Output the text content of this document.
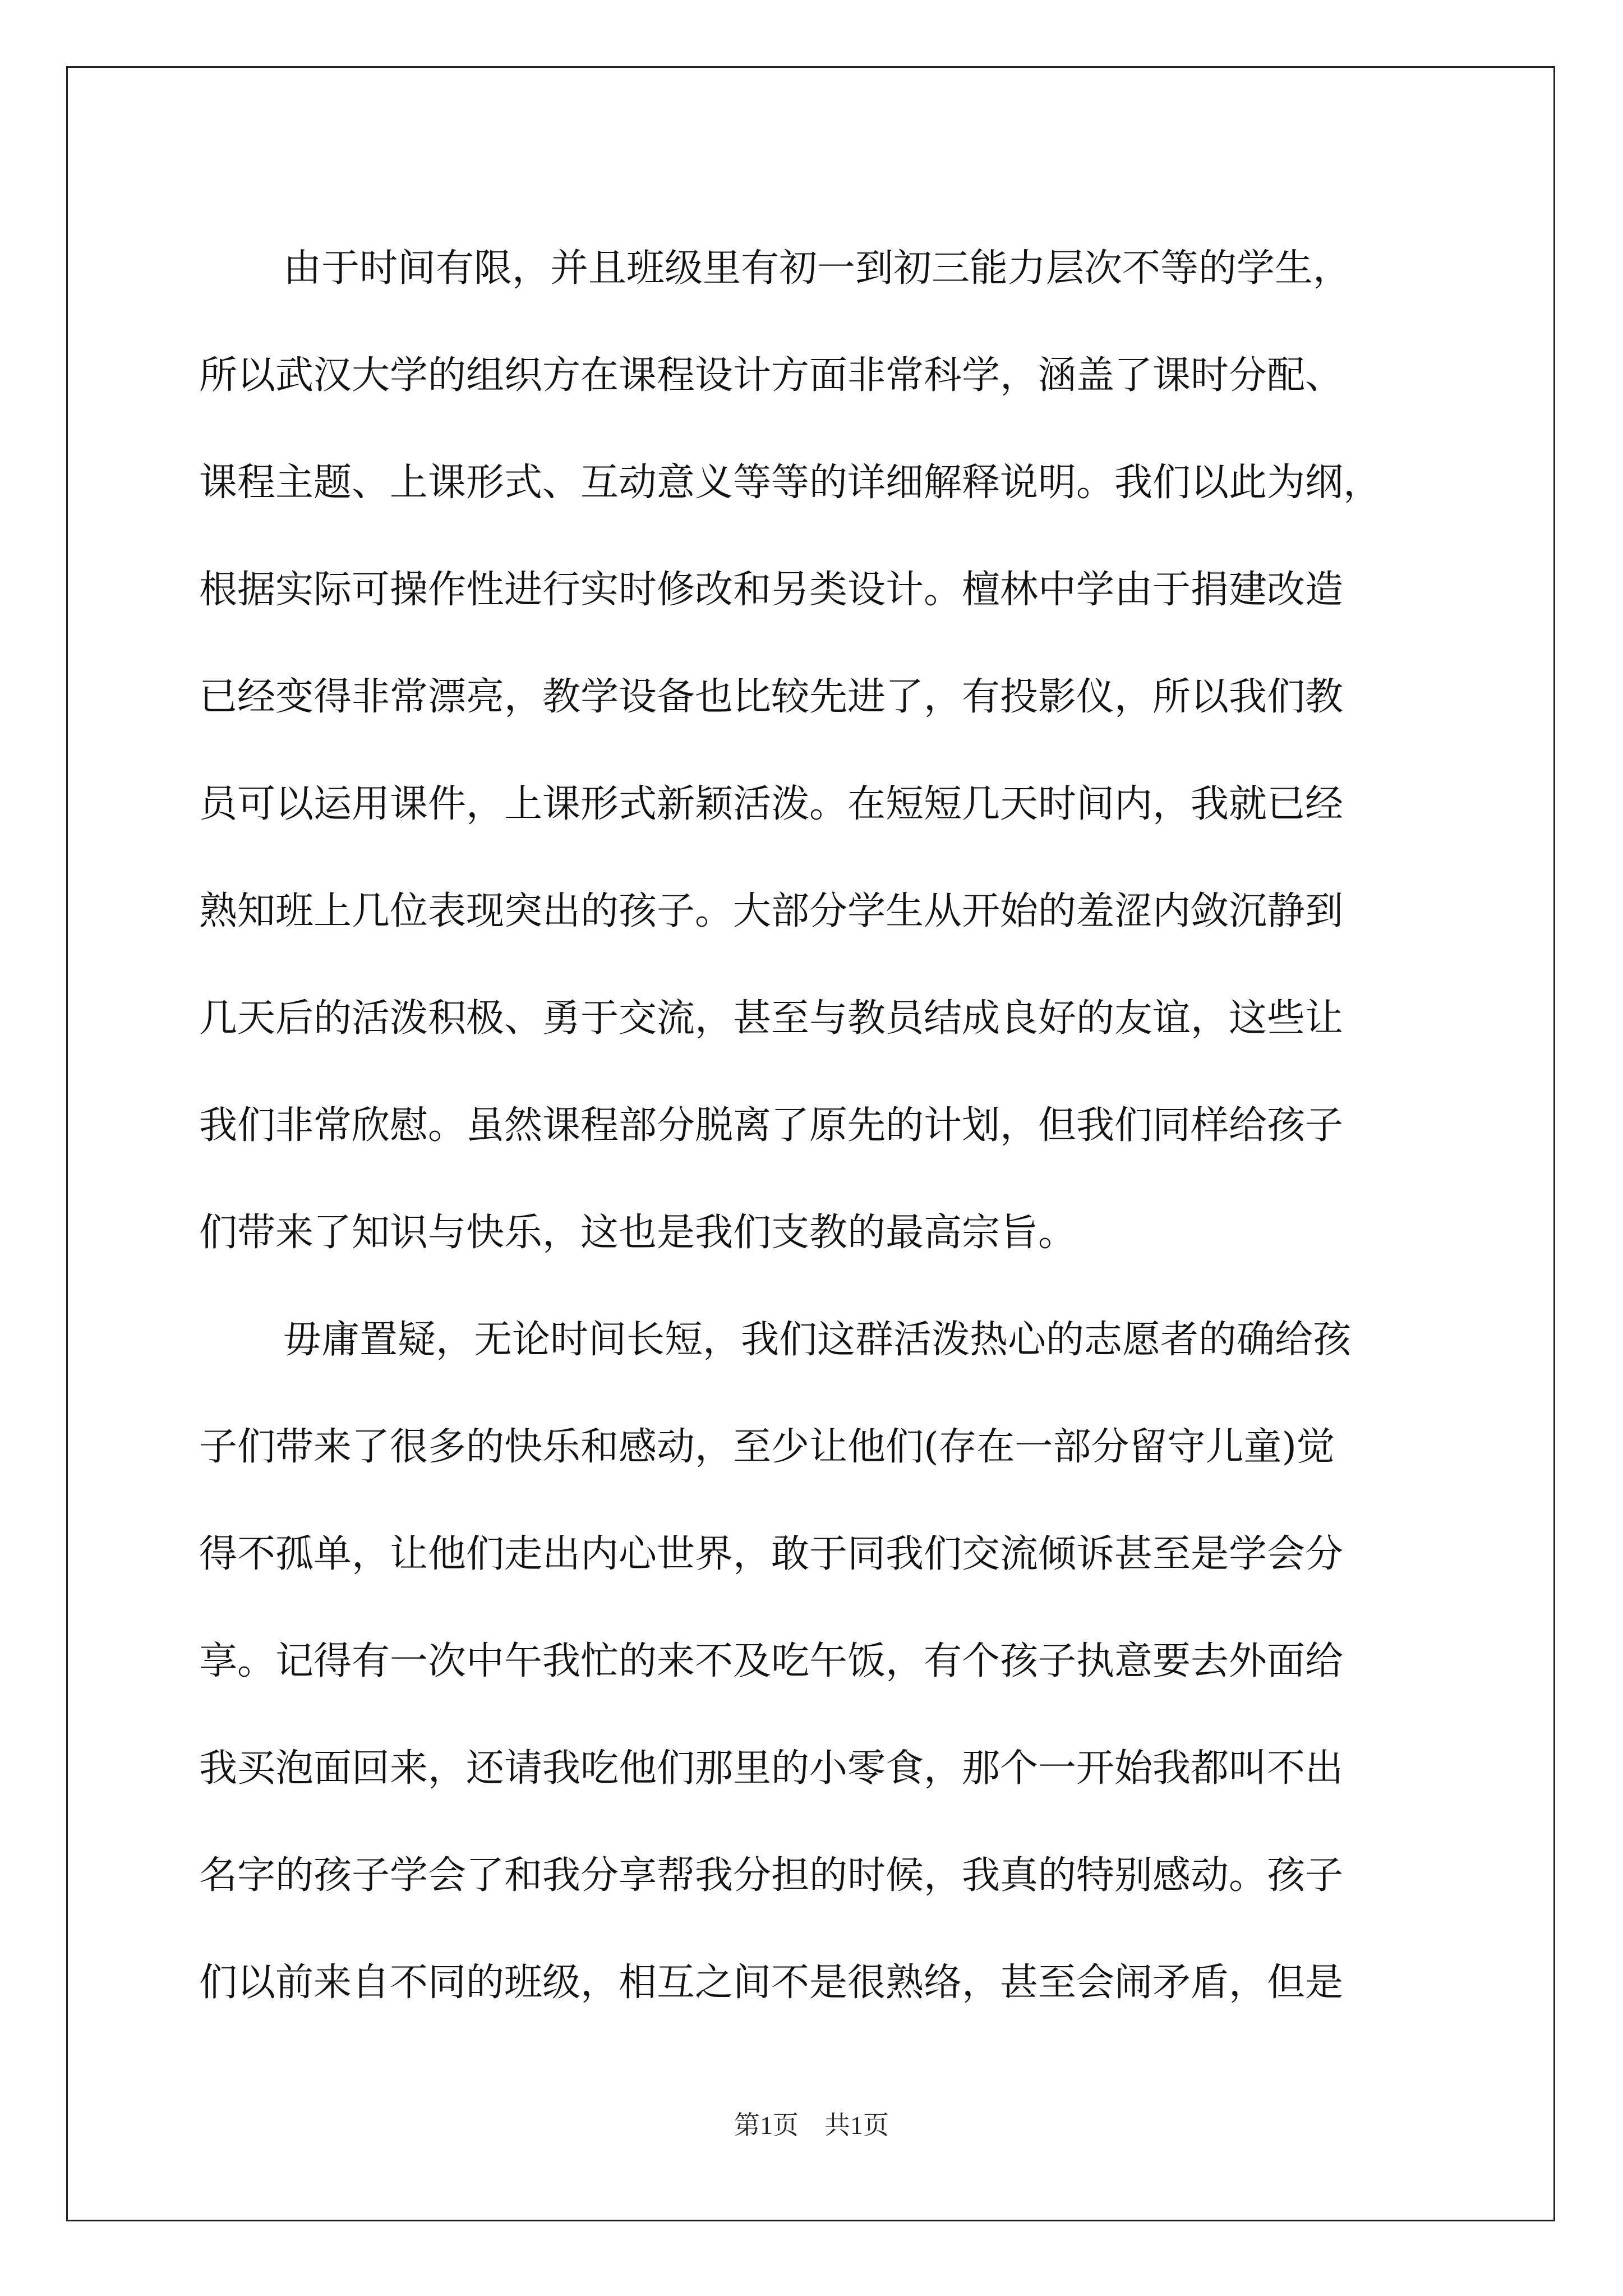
由于时间有限，并且班级里有初一到初三能力层次不等的学生，
所以武汉大学的组织方在课程设计方面非常科学，涵盖了课时分配、
课程主题、上课形式、互动意义等等的详细解释说明。我们以此为纲，
根据实际可操作性进行实时修改和另类设计。檀林中学由于捐建改造
已经变得非常漂亮，教学设备也比较先进了，有投影仪，所以我们教
员可以运用课件，上课形式新颖活泼。在短短几天时间内，我就已经
熟知班上几位表现突出的孩子。大部分学生从开始的羞涩内敛沉静到
几天后的活泼积极、勇于交流，甚至与教员结成良好的友谊，这些让
我们非常欣慰。虽然课程部分脱离了原先的计划，但我们同样给孩子
们带来了知识与快乐，这也是我们支教的最高宗旨。
毋庸置疑，无论时间长短，我们这群活泼热心的志愿者的确给孩
子们带来了很多的快乐和感动，至少让他们(存在一部分留守儿童)觉
得不孤单，让他们走出内心世界，敢于同我们交流倾诉甚至是学会分
享。记得有一次中午我忙的来不及吃午饭，有个孩子执意要去外面给
我买泡面回来，还请我吃他们那里的小零食，那个一开始我都叫不出
名字的孩子学会了和我分享帮我分担的时候，我真的特别感动。孩子
们以前来自不同的班级，相互之间不是很熟络，甚至会闹矛盾，但是
第1页　共1页
